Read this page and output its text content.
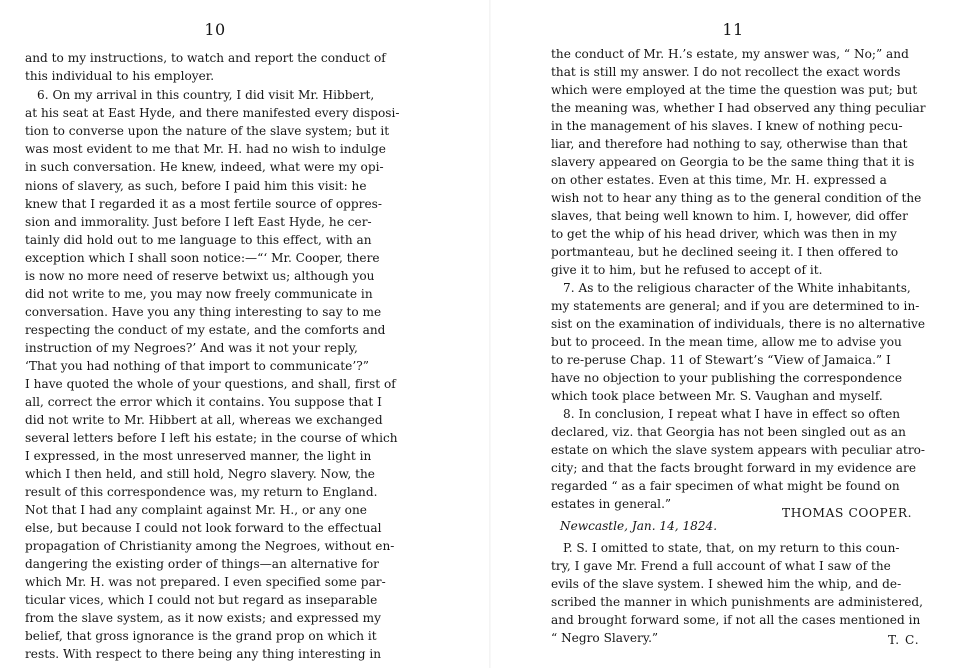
10
and to my instructions, to watch and report the conduct of
this individual to his employer.
6. On my arrival in this country, I did visit Mr. Hibbert,
at his seat at East Hyde, and there manifested every disposi-
tion to converse upon the nature of the slave system; but it
was most evident to me that Mr. H. had no wish to indulge
in such conversation. He knew, indeed, what were my opi-
nions of slavery, as such, before I paid him this visit: he
knew that I regarded it as a most fertile source of oppres-
sion and immorality. Just before I left East Hyde, he cer-
tainly did hold out to me language to this effect, with an
exception which I shall soon notice:—“‘ Mr. Cooper, there
is now no more need of reserve betwixt us; although you
did not write to me, you may now freely communicate in
conversation. Have you any thing interesting to say to me
respecting the conduct of my estate, and the comforts and
instruction of my Negroes?’ And was it not your reply,
‘That you had nothing of that import to communicate’?”
I have quoted the whole of your questions, and shall, first of
all, correct the error which it contains. You suppose that I
did not write to Mr. Hibbert at all, whereas we exchanged
several letters before I left his estate; in the course of which
I expressed, in the most unreserved manner, the light in
which I then held, and still hold, Negro slavery. Now, the
result of this correspondence was, my return to England.
Not that I had any complaint against Mr. H., or any one
else, but because I could not look forward to the effectual
propagation of Christianity among the Negroes, without en-
dangering the existing order of things—an alternative for
which Mr. H. was not prepared. I even specified some par-
ticular vices, which I could not but regard as inseparable
from the slave system, as it now exists; and expressed my
belief, that gross ignorance is the grand prop on which it
rests. With respect to there being any thing interesting in
11
the conduct of Mr. H.’s estate, my answer was, “ No;” and
that is still my answer. I do not recollect the exact words
which were employed at the time the question was put; but
the meaning was, whether I had observed any thing peculiar
in the management of his slaves. I knew of nothing pecu-
liar, and therefore had nothing to say, otherwise than that
slavery appeared on Georgia to be the same thing that it is
on other estates. Even at this time, Mr. H. expressed a
wish not to hear any thing as to the general condition of the
slaves, that being well known to him. I, however, did offer
to get the whip of his head driver, which was then in my
portmanteau, but he declined seeing it. I then offered to
give it to him, but he refused to accept of it.
7. As to the religious character of the White inhabitants,
my statements are general; and if you are determined to in-
sist on the examination of individuals, there is no alternative
but to proceed. In the mean time, allow me to advise you
to re-peruse Chap. 11 of Stewart’s “View of Jamaica.” I
have no objection to your publishing the correspondence
which took place between Mr. S. Vaughan and myself.
8. In conclusion, I repeat what I have in effect so often
declared, viz. that Georgia has not been singled out as an
estate on which the slave system appears with peculiar atro-
city; and that the facts brought forward in my evidence are
regarded “ as a fair specimen of what might be found on
estates in general.”
THOMAS COOPER.
Newcastle, Jan. 14, 1824.
P. S. I omitted to state, that, on my return to this coun-
try, I gave Mr. Frend a full account of what I saw of the
evils of the slave system. I shewed him the whip, and de-
scribed the manner in which punishments are administered,
and brought forward some, if not all the cases mentioned in
“ Negro Slavery.”	T. C.
